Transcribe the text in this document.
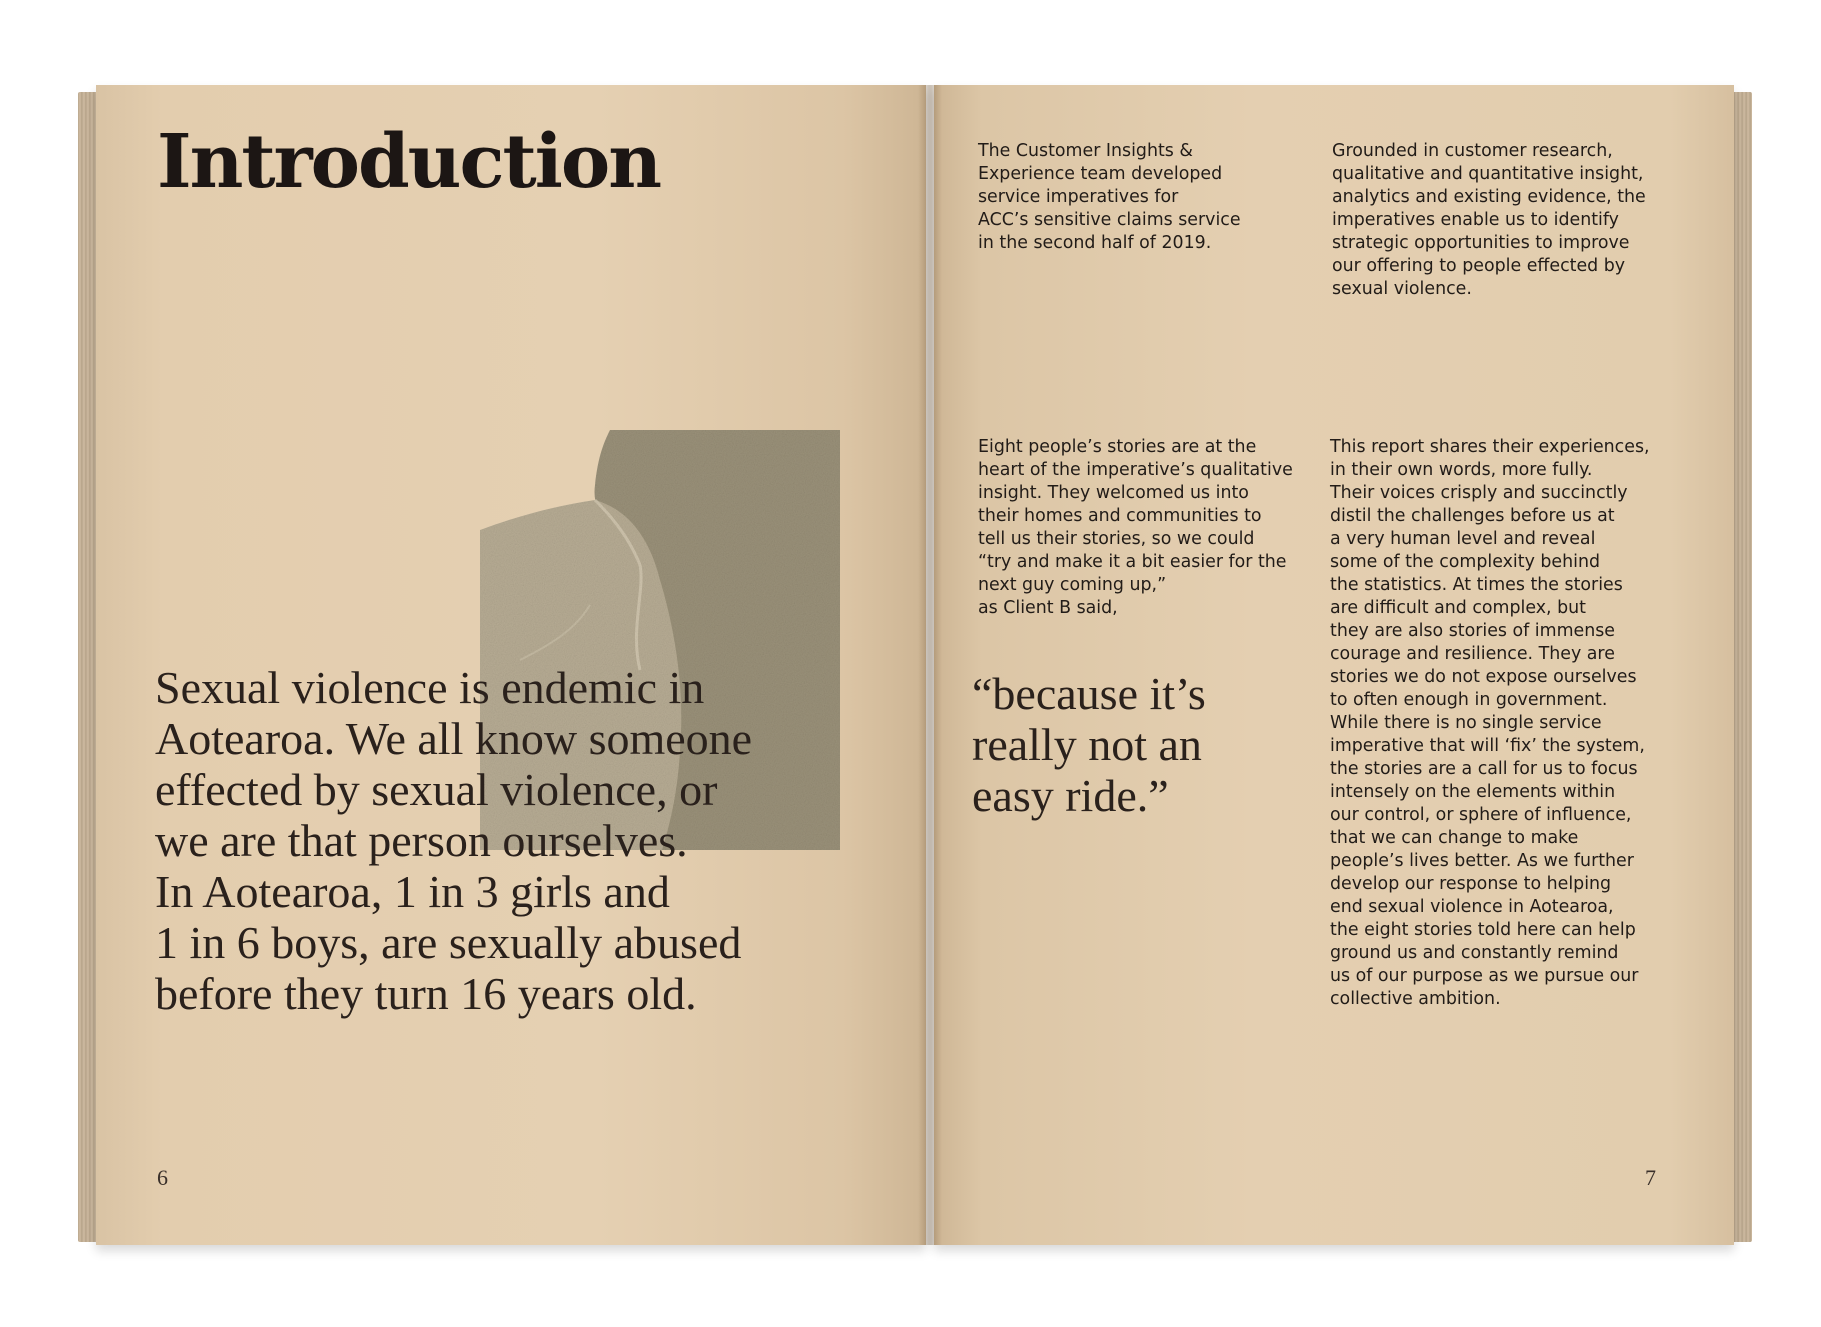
Introduction

Sexual violence is endemic in
Aotearoa. We all know someone
effected by sexual violence, or
we are that person ourselves.
In Aotearoa, 1 in 3 girls and
1 in 6 boys, are sexually abused
before they turn 16 years old.

6

The Customer Insights &
Experience team developed
service imperatives for
ACC’s sensitive claims service
in the second half of 2019.

Grounded in customer research,
qualitative and quantitative insight,
analytics and existing evidence, the
imperatives enable us to identify
strategic opportunities to improve
our offering to people effected by
sexual violence.

Eight people’s stories are at the
heart of the imperative’s qualitative
insight. They welcomed us into
their homes and communities to
tell us their stories, so we could
“try and make it a bit easier for the
next guy coming up,”
as Client B said,

“because it’s
really not an
easy ride.”

This report shares their experiences,
in their own words, more fully.
Their voices crisply and succinctly
distil the challenges before us at
a very human level and reveal
some of the complexity behind
the statistics. At times the stories
are difficult and complex, but
they are also stories of immense
courage and resilience. They are
stories we do not expose ourselves
to often enough in government.
While there is no single service
imperative that will ‘fix’ the system,
the stories are a call for us to focus
intensely on the elements within
our control, or sphere of influence,
that we can change to make
people’s lives better. As we further
develop our response to helping
end sexual violence in Aotearoa,
the eight stories told here can help
ground us and constantly remind
us of our purpose as we pursue our
collective ambition.

7
